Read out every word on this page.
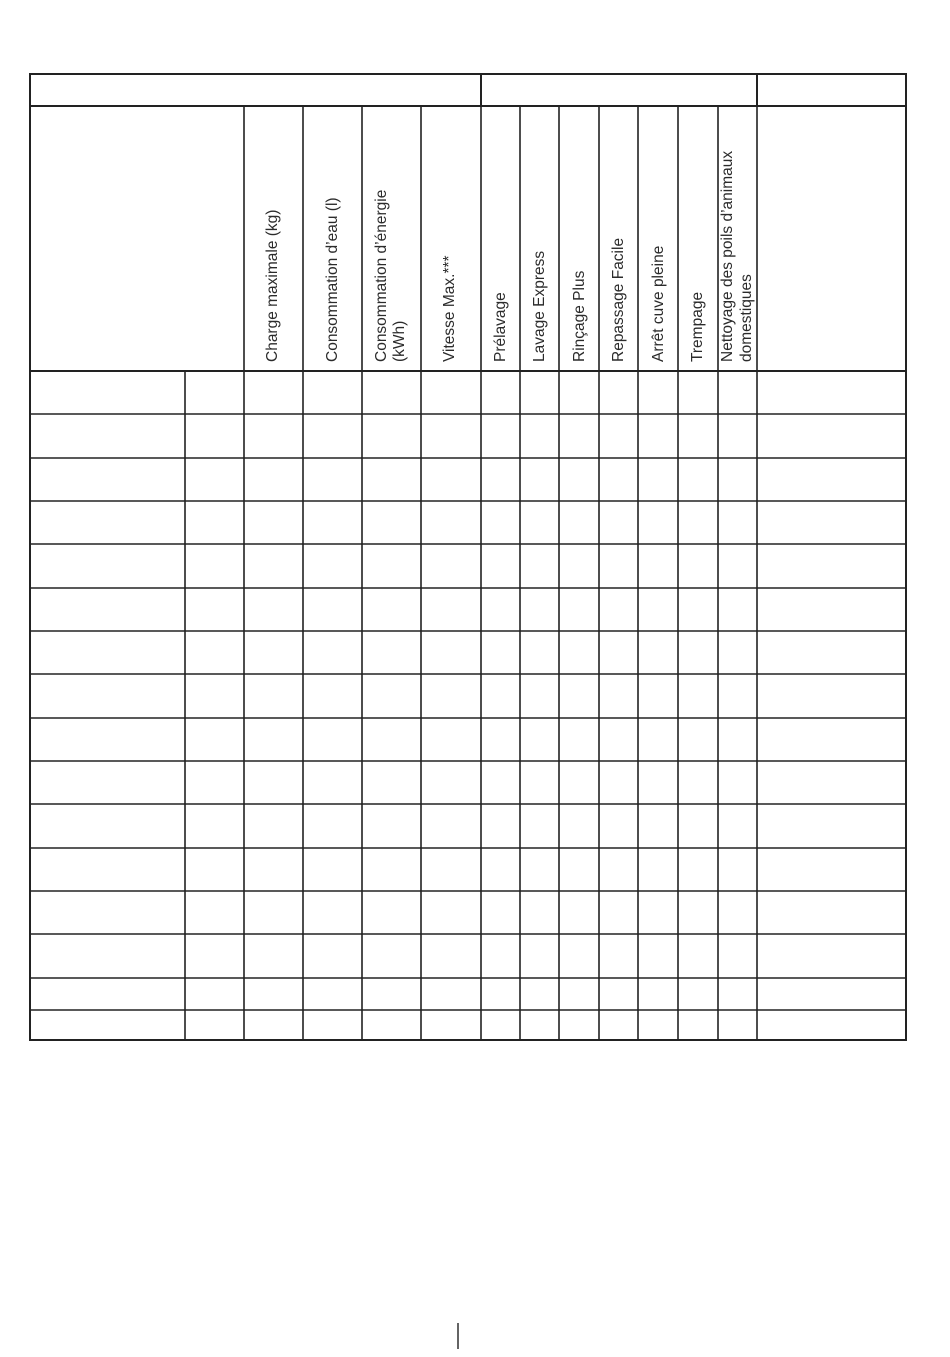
Charge maximale (kg)	Consommation d’eau (l) Consommation d’énergie (kWh) Vitesse Max.*** Prélavage Lavage Express Rinçage Plus Repassage Facile Arrêt cuve pleine Trempage Nettoyage des poils d’animaux domestiques
